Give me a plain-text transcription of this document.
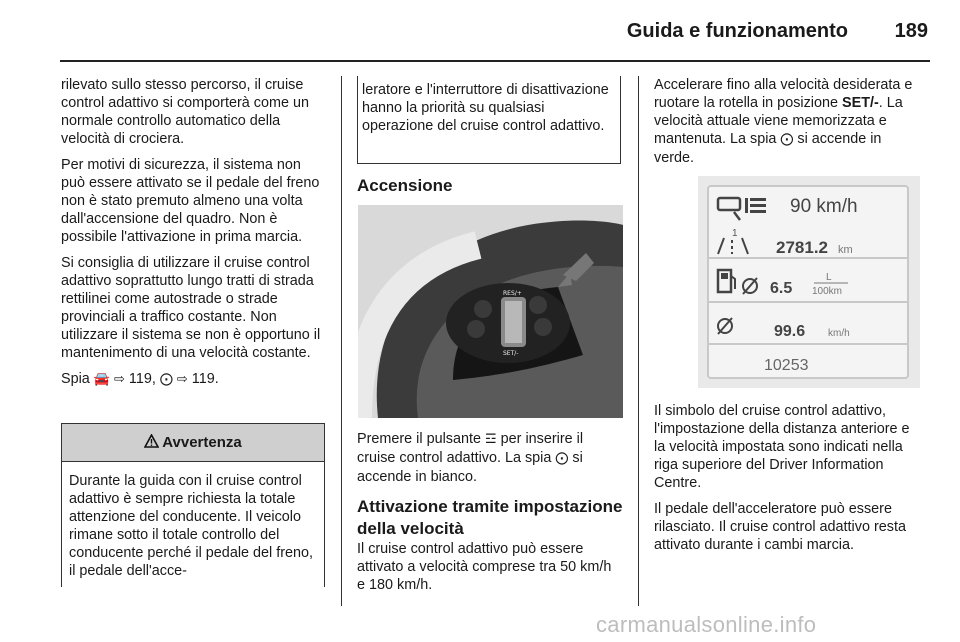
Guida e funzionamento	189

rilevato sullo stesso percorso, il cruise control adattivo si comporterà come un normale controllo automatico della velocità di crociera.

Per motivi di sicurezza, il sistema non può essere attivato se il pedale del freno non è stato premuto almeno una volta dall'accensione del quadro. Non è possibile l'attivazione in prima marcia.

Si consiglia di utilizzare il cruise control adattivo soprattutto lungo tratti di strada rettilinei come autostrade o strade provinciali a traffico costante. Non utilizzare il sistema se non è opportuno il mantenimento di una velocità costante.

Spia 🚘 ⇨ 119, ⨀ ⇨ 119.

Avvertenza
Durante la guida con il cruise control adattivo è sempre richiesta la totale attenzione del conducente. Il veicolo rimane sotto il totale controllo del conducente perché il pedale del freno, il pedale dell'acce-
leratore e l'interruttore di disattivazione hanno la priorità su qualsiasi operazione del cruise control adattivo.
Accensione
RES/+
SET/-

Premere il pulsante ☲ per inserire il cruise control adattivo. La spia ⨀ si accende in bianco.

Attivazione tramite impostazione della velocità

Il cruise control adattivo può essere attivato a velocità comprese tra 50 km/h e 180 km/h.

Accelerare fino alla velocità desiderata e ruotare la rotella in posizione SET/-. La velocità attuale viene memorizzata e mantenuta. La spia ⨀ si accende in verde.

90 km/h
1
2781.2 km
6.5
L
100km
99.6 km/h
10253

Il simbolo del cruise control adattivo, l'impostazione della distanza anteriore e la velocità impostata sono indicati nella riga superiore del Driver Information Centre.

Il pedale dell'acceleratore può essere rilasciato. Il cruise control adattivo resta attivato durante i cambi marcia.

carmanualsonline.info
